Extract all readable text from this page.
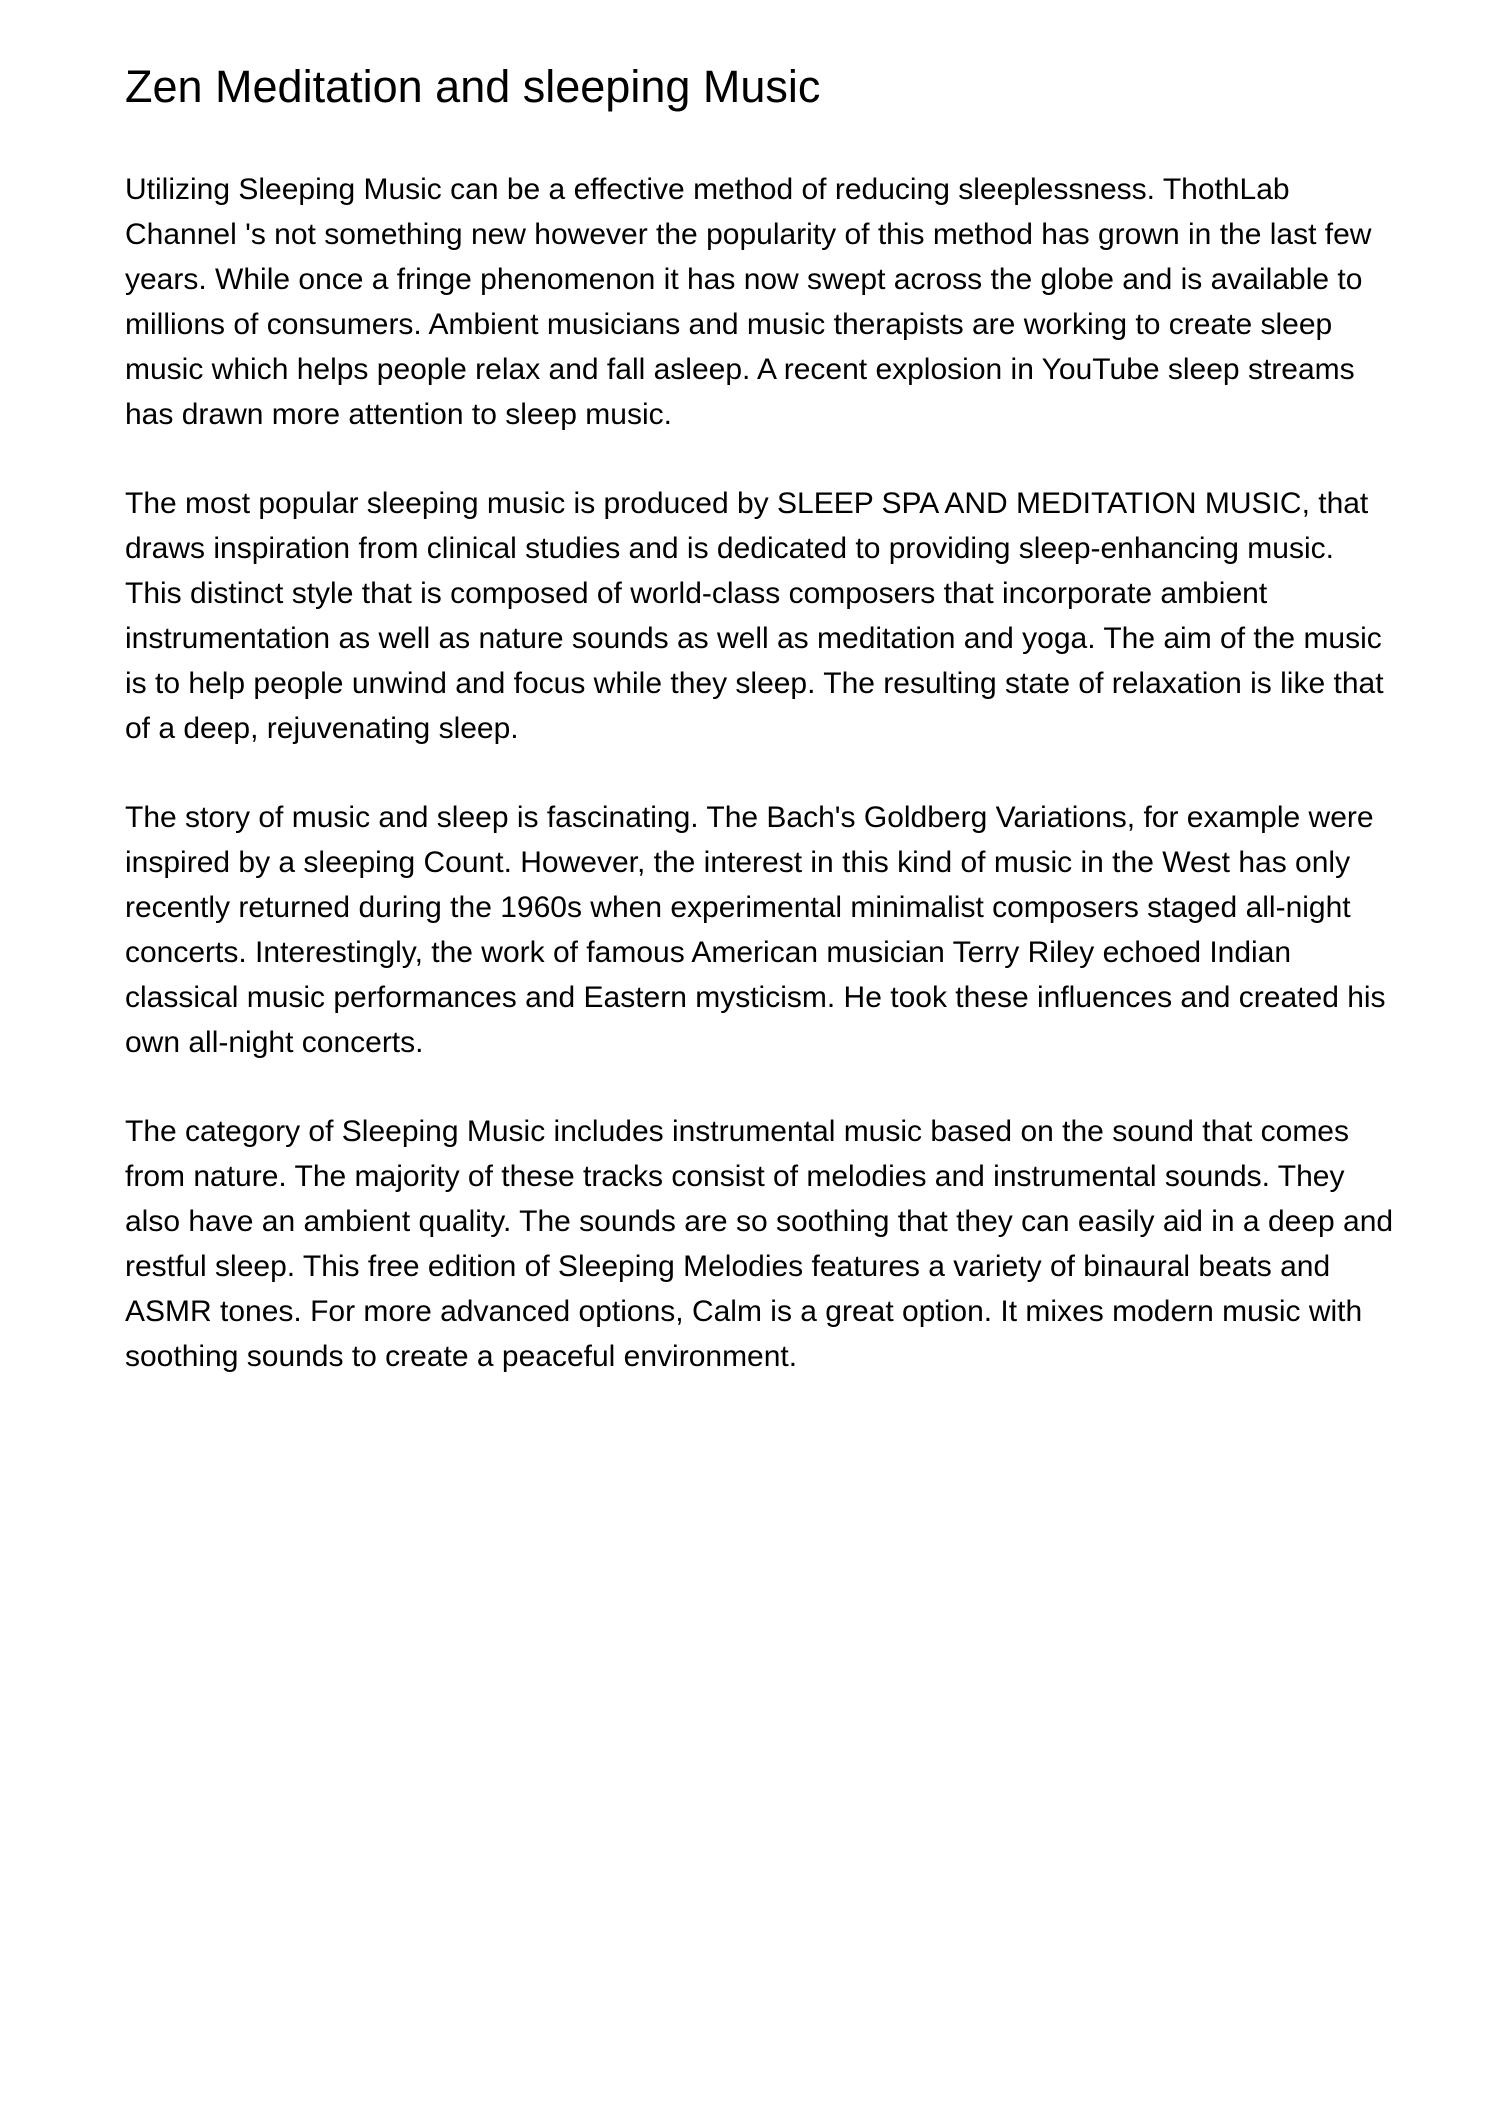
Zen Meditation and sleeping Music

Utilizing Sleeping Music can be a effective method of reducing sleeplessness. ThothLab Channel 's not something new however the popularity of this method has grown in the last few years. While once a fringe phenomenon it has now swept across the globe and is available to millions of consumers. Ambient musicians and music therapists are working to create sleep music which helps people relax and fall asleep. A recent explosion in YouTube sleep streams has drawn more attention to sleep music.

The most popular sleeping music is produced by SLEEP SPA AND MEDITATION MUSIC, that draws inspiration from clinical studies and is dedicated to providing sleep-enhancing music. This distinct style that is composed of world-class composers that incorporate ambient instrumentation as well as nature sounds as well as meditation and yoga. The aim of the music is to help people unwind and focus while they sleep. The resulting state of relaxation is like that of a deep, rejuvenating sleep.

The story of music and sleep is fascinating. The Bach's Goldberg Variations, for example were inspired by a sleeping Count. However, the interest in this kind of music in the West has only recently returned during the 1960s when experimental minimalist composers staged all-night concerts. Interestingly, the work of famous American musician Terry Riley echoed Indian classical music performances and Eastern mysticism. He took these influences and created his own all-night concerts.

The category of Sleeping Music includes instrumental music based on the sound that comes from nature. The majority of these tracks consist of melodies and instrumental sounds. They also have an ambient quality. The sounds are so soothing that they can easily aid in a deep and restful sleep. This free edition of Sleeping Melodies features a variety of binaural beats and ASMR tones. For more advanced options, Calm is a great option. It mixes modern music with soothing sounds to create a peaceful environment.
